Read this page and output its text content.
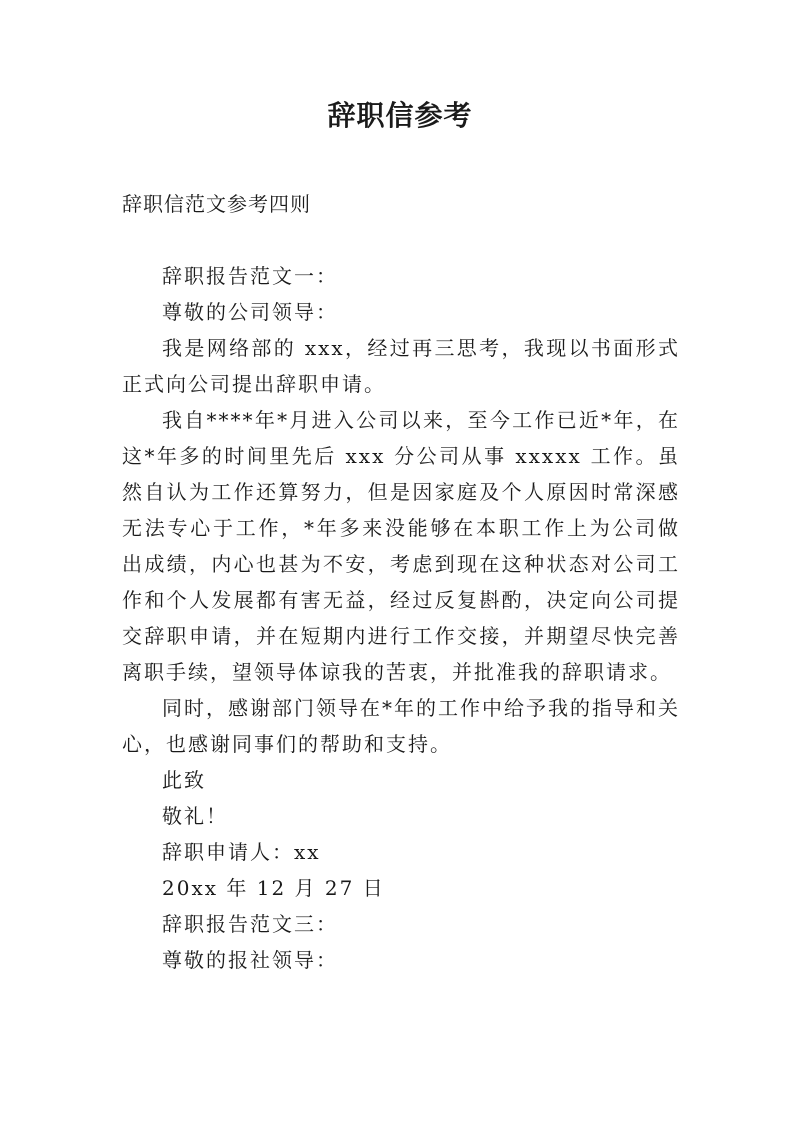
辞职信参考
辞职信范文参考四则

辞职报告范文一：

尊敬的公司领导：

我是网络部的 xxx，经过再三思考，我现以书面形式正式向公司提出辞职申请。

我自****年*月进入公司以来，至今工作已近*年，在这*年多的时间里先后 xxx 分公司从事 xxxxx 工作。虽然自认为工作还算努力，但是因家庭及个人原因时常深感无法专心于工作，*年多来没能够在本职工作上为公司做出成绩，内心也甚为不安，考虑到现在这种状态对公司工作和个人发展都有害无益，经过反复斟酌，决定向公司提交辞职申请，并在短期内进行工作交接，并期望尽快完善离职手续，望领导体谅我的苦衷，并批准我的辞职请求。

同时，感谢部门领导在*年的工作中给予我的指导和关心，也感谢同事们的帮助和支持。

此致

敬礼！

辞职申请人：xx

20xx 年 12 月 27 日

辞职报告范文三：

尊敬的报社领导：
